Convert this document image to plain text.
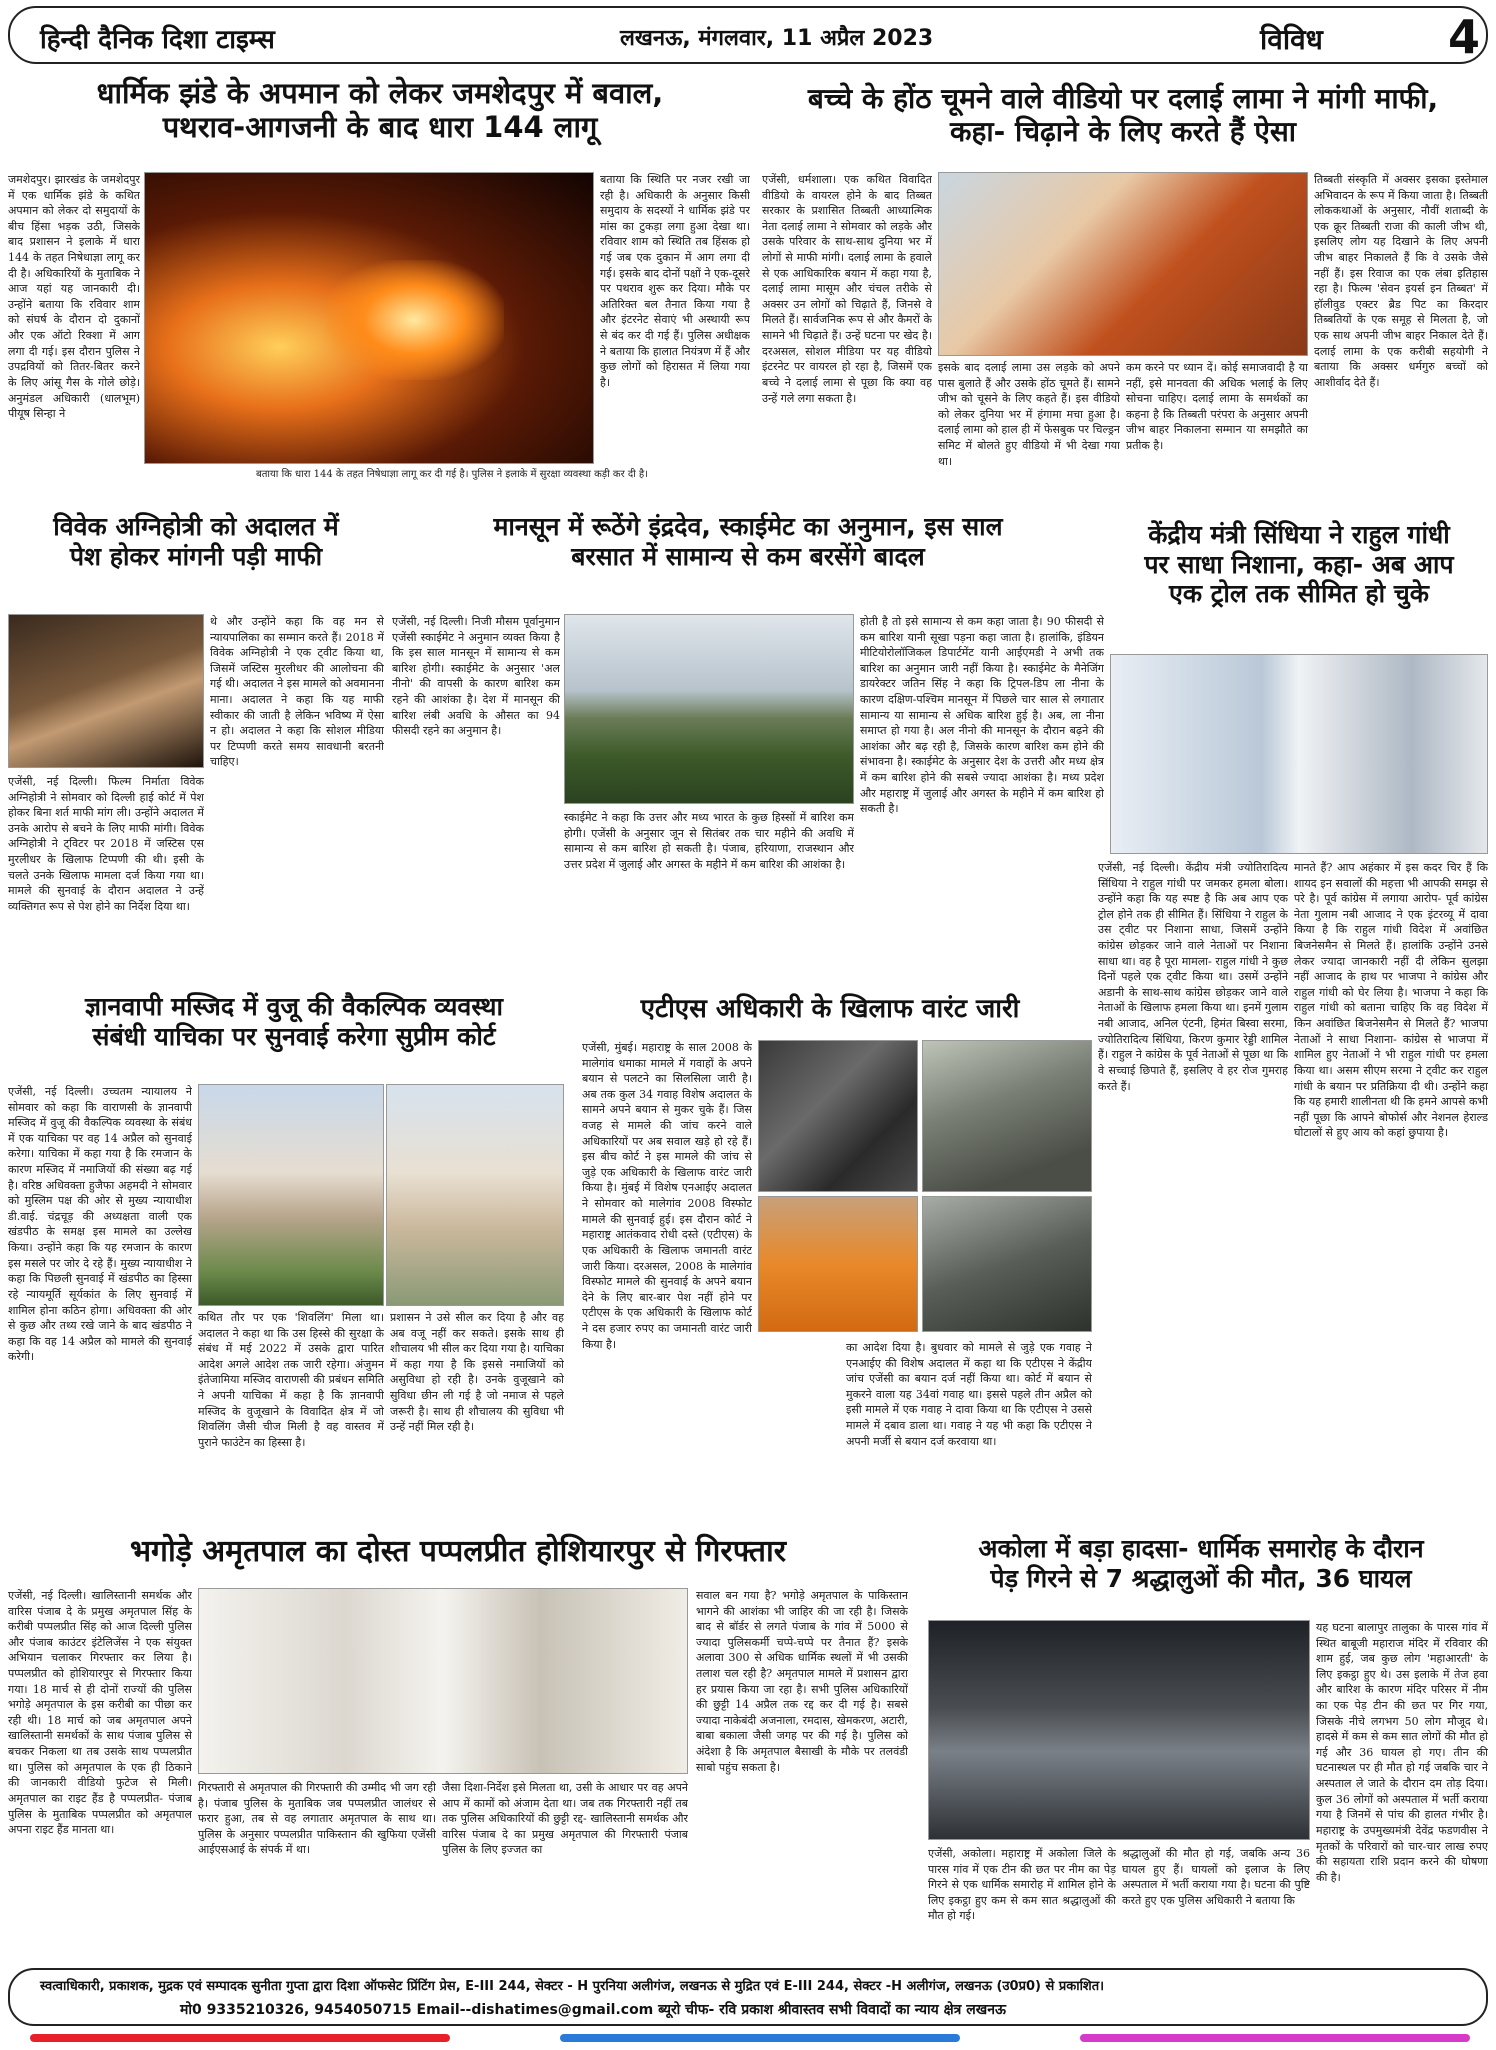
हिन्दी दैनिक दिशा टाइम्स	लखनऊ, मंगलवार, 11 अप्रैल 2023	विविध	4
धार्मिक झंडे के अपमान को लेकर जमशेदपुर में बवाल,
पथराव-आगजनी के बाद धारा 144 लागू
जमशेदपुर। झारखंड के जमशेदपुर में एक धार्मिक झंडे के कथित अपमान को लेकर दो समुदायों के बीच हिंसा भड़क उठी, जिसके बाद प्रशासन ने इलाके में धारा 144 के तहत निषेधाज्ञा लागू कर दी है। अधिकारियों के मुताबिक ने आज यहां यह जानकारी दी। उन्होंने बताया कि रविवार शाम को संघर्ष के दौरान दो दुकानों और एक ऑटो रिक्शा में आग लगा दी गई। इस दौरान पुलिस ने उपद्रवियों को तितर-बितर करने के लिए आंसू गैस के गोले छोड़े। अनुमंडल अधिकारी (धालभूम) पीयूष सिन्हा ने
बताया कि स्थिति पर नजर रखी जा रही है। अधिकारी के अनुसार किसी समुदाय के सदस्यों ने धार्मिक झंडे पर मांस का टुकड़ा लगा हुआ देखा था। रविवार शाम को स्थिति तब हिंसक हो गई जब एक दुकान में आग लगा दी गई। इसके बाद दोनों पक्षों ने एक-दूसरे पर पथराव शुरू कर दिया। मौके पर अतिरिक्त बल तैनात किया गया है और इंटरनेट सेवाएं भी अस्थायी रूप से बंद कर दी गई हैं। पुलिस अधीक्षक ने बताया कि हालात नियंत्रण में हैं और कुछ लोगों को हिरासत में लिया गया है।
बताया कि धारा 144 के तहत निषेधाज्ञा लागू कर दी गई है। पुलिस ने इलाके में सुरक्षा व्यवस्था कड़ी कर दी है।
बच्चे के होंठ चूमने वाले वीडियो पर दलाई लामा ने मांगी माफी,
कहा- चिढ़ाने के लिए करते हैं ऐसा
एजेंसी, धर्मशाला। एक कथित विवादित वीडियो के वायरल होने के बाद तिब्बत सरकार के प्रशासित तिब्बती आध्यात्मिक नेता दलाई लामा ने सोमवार को लड़के और उसके परिवार के साथ-साथ दुनिया भर में लोगों से माफी मांगी। दलाई लामा के हवाले से एक आधिकारिक बयान में कहा गया है, दलाई लामा मासूम और चंचल तरीके से अक्सर उन लोगों को चिढ़ाते हैं, जिनसे वे मिलते हैं। सार्वजनिक रूप से और कैमरों के सामने भी चिढ़ाते हैं। उन्हें घटना पर खेद है। दरअसल, सोशल मीडिया पर यह वीडियो इंटरनेट पर वायरल हो रहा है, जिसमें एक बच्चे ने दलाई लामा से पूछा कि क्या वह उन्हें गले लगा सकता है।
इसके बाद दलाई लामा उस लड़के को अपने पास बुलाते हैं और उसके होंठ चूमते हैं। सामने जीभ को चूसने के लिए कहते हैं। इस वीडियो को लेकर दुनिया भर में हंगामा मचा हुआ है। दलाई लामा को हाल ही में फेसबुक पर चिल्ड्रन समिट में बोलते हुए वीडियो में भी देखा गया था।
कम करने पर ध्यान दें। कोई समाजवादी है या नहीं, इसे मानवता की अधिक भलाई के लिए सोचना चाहिए। दलाई लामा के समर्थकों का कहना है कि तिब्बती परंपरा के अनुसार अपनी जीभ बाहर निकालना सम्मान या समझौते का प्रतीक है।
तिब्बती संस्कृति में अक्सर इसका इस्तेमाल अभिवादन के रूप में किया जाता है। तिब्बती लोककथाओं के अनुसार, नौवीं शताब्दी के एक क्रूर तिब्बती राजा की काली जीभ थी, इसलिए लोग यह दिखाने के लिए अपनी जीभ बाहर निकालते हैं कि वे उसके जैसे नहीं हैं। इस रिवाज का एक लंबा इतिहास रहा है। फिल्म 'सेवन इयर्स इन तिब्बत' में हॉलीवुड एक्टर ब्रैड पिट का किरदार तिब्बतियों के एक समूह से मिलता है, जो एक साथ अपनी जीभ बाहर निकाल देते हैं। दलाई लामा के एक करीबी सहयोगी ने बताया कि अक्सर धर्मगुरु बच्चों को आशीर्वाद देते हैं।
विवेक अग्निहोत्री को अदालत में
पेश होकर मांगनी पड़ी माफी
एजेंसी, नई दिल्ली। फिल्म निर्माता विवेक अग्निहोत्री ने सोमवार को दिल्ली हाई कोर्ट में पेश होकर बिना शर्त माफी मांग ली। उन्होंने अदालत में उनके आरोप से बचने के लिए माफी मांगी। विवेक अग्निहोत्री ने ट्विटर पर 2018 में जस्टिस एस मुरलीधर के खिलाफ टिप्पणी की थी। इसी के चलते उनके खिलाफ मामला दर्ज किया गया था। मामले की सुनवाई के दौरान अदालत ने उन्हें व्यक्तिगत रूप से पेश होने का निर्देश दिया था।
थे और उन्होंने कहा कि वह मन से न्यायपालिका का सम्मान करते हैं। 2018 में विवेक अग्निहोत्री ने एक ट्वीट किया था, जिसमें जस्टिस मुरलीधर की आलोचना की गई थी। अदालत ने इस मामले को अवमानना माना। अदालत ने कहा कि यह माफी स्वीकार की जाती है लेकिन भविष्य में ऐसा न हो। अदालत ने कहा कि सोशल मीडिया पर टिप्पणी करते समय सावधानी बरतनी चाहिए।
मानसून में रूठेंगे इंद्रदेव, स्काईमेट का अनुमान, इस साल
बरसात में सामान्य से कम बरसेंगे बादल
एजेंसी, नई दिल्ली। निजी मौसम पूर्वानुमान एजेंसी स्काईमेट ने अनुमान व्यक्त किया है कि इस साल मानसून में सामान्य से कम बारिश होगी। स्काईमेट के अनुसार 'अल नीनो' की वापसी के कारण बारिश कम रहने की आशंका है। देश में मानसून की बारिश लंबी अवधि के औसत का 94 फीसदी रहने का अनुमान है।
स्काईमेट ने कहा कि उत्तर और मध्य भारत के कुछ हिस्सों में बारिश कम होगी। एजेंसी के अनुसार जून से सितंबर तक चार महीने की अवधि में सामान्य से कम बारिश हो सकती है। पंजाब, हरियाणा, राजस्थान और उत्तर प्रदेश में जुलाई और अगस्त के महीने में कम बारिश की आशंका है।
होती है तो इसे सामान्य से कम कहा जाता है। 90 फीसदी से कम बारिश यानी सूखा पड़ना कहा जाता है। हालांकि, इंडियन मीटियोरोलॉजिकल डिपार्टमेंट यानी आईएमडी ने अभी तक बारिश का अनुमान जारी नहीं किया है। स्काईमेट के मैनेजिंग डायरेक्टर जतिन सिंह ने कहा कि ट्रिपल-डिप ला नीना के कारण दक्षिण-पश्चिम मानसून में पिछले चार साल से लगातार सामान्य या सामान्य से अधिक बारिश हुई है। अब, ला नीना समाप्त हो गया है। अल नीनो की मानसून के दौरान बढ़ने की आशंका और बढ़ रही है, जिसके कारण बारिश कम होने की संभावना है। स्काईमेट के अनुसार देश के उत्तरी और मध्य क्षेत्र में कम बारिश होने की सबसे ज्यादा आशंका है। मध्य प्रदेश और महाराष्ट्र में जुलाई और अगस्त के महीने में कम बारिश हो सकती है।
केंद्रीय मंत्री सिंधिया ने राहुल गांधी
पर साधा निशाना, कहा- अब आप
एक ट्रोल तक सीमित हो चुके
एजेंसी, नई दिल्ली। केंद्रीय मंत्री ज्योतिरादित्य सिंधिया ने राहुल गांधी पर जमकर हमला बोला। उन्होंने कहा कि यह स्पष्ट है कि अब आप एक ट्रोल होने तक ही सीमित हैं। सिंधिया ने राहुल के उस ट्वीट पर निशाना साधा, जिसमें उन्होंने कांग्रेस छोड़कर जाने वाले नेताओं पर निशाना साधा था। वह है पूरा मामला- राहुल गांधी ने कुछ दिनों पहले एक ट्वीट किया था। उसमें उन्होंने अडानी के साथ-साथ कांग्रेस छोड़कर जाने वाले नेताओं के खिलाफ हमला किया था। इनमें गुलाम नबी आजाद, अनिल एंटनी, हिमंत बिस्वा सरमा, ज्योतिरादित्य सिंधिया, किरण कुमार रेड्डी शामिल हैं। राहुल ने कांग्रेस के पूर्व नेताओं से पूछा था कि वे सच्चाई छिपाते हैं, इसलिए वे हर रोज गुमराह करते हैं।
मानते हैं? आप अहंकार में इस कदर चिर हैं कि शायद इन सवालों की महत्ता भी आपकी समझ से परे है। पूर्व कांग्रेस में लगाया आरोप- पूर्व कांग्रेस नेता गुलाम नबी आजाद ने एक इंटरव्यू में दावा किया है कि राहुल गांधी विदेश में अवांछित बिजनेसमैन से मिलते हैं। हालांकि उन्होंने उनसे लेकर ज्यादा जानकारी नहीं दी लेकिन सुलझा नहीं आजाद के हाथ पर भाजपा ने कांग्रेस और राहुल गांधी को घेर लिया है। भाजपा ने कहा कि राहुल गांधी को बताना चाहिए कि वह विदेश में किन अवांछित बिजनेसमैन से मिलते हैं? भाजपा नेताओं ने साधा निशाना- कांग्रेस से भाजपा में शामिल हुए नेताओं ने भी राहुल गांधी पर हमला किया था। असम सीएम सरमा ने ट्वीट कर राहुल गांधी के बयान पर प्रतिक्रिया दी थी। उन्होंने कहा कि यह हमारी शालीनता थी कि हमने आपसे कभी नहीं पूछा कि आपने बोफोर्स और नेशनल हेराल्ड घोटालों से हुए आय को कहां छुपाया है।
ज्ञानवापी मस्जिद में वुजू की वैकल्पिक व्यवस्था
संबंधी याचिका पर सुनवाई करेगा सुप्रीम कोर्ट
एजेंसी, नई दिल्ली। उच्चतम न्यायालय ने सोमवार को कहा कि वाराणसी के ज्ञानवापी मस्जिद में वुजू की वैकल्पिक व्यवस्था के संबंध में एक याचिका पर वह 14 अप्रैल को सुनवाई करेगा। याचिका में कहा गया है कि रमजान के कारण मस्जिद में नमाजियों की संख्या बढ़ गई है। वरिष्ठ अधिवक्ता हुजैफा अहमदी ने सोमवार को मुस्लिम पक्ष की ओर से मुख्य न्यायाधीश डी.वाई. चंद्रचूड़ की अध्यक्षता वाली एक खंडपीठ के समक्ष इस मामले का उल्लेख किया। उन्होंने कहा कि यह रमजान के कारण इस मसले पर जोर दे रहे हैं। मुख्य न्यायाधीश ने कहा कि पिछली सुनवाई में खंडपीठ का हिस्सा रहे न्यायमूर्ति सूर्यकांत के लिए सुनवाई में शामिल होना कठिन होगा। अधिवक्ता की ओर से कुछ और तथ्य रखे जाने के बाद खंडपीठ ने कहा कि वह 14 अप्रैल को मामले की सुनवाई करेगी।
कथित तौर पर एक 'शिवलिंग' मिला था। अदालत ने कहा था कि उस हिस्से की सुरक्षा के संबंध में मई 2022 में उसके द्वारा पारित आदेश अगले आदेश तक जारी रहेगा। अंजुमन इंतेजामिया मस्जिद वाराणसी की प्रबंधन समिति ने अपनी याचिका में कहा है कि ज्ञानवापी मस्जिद के वुजूखाने के विवादित क्षेत्र में जो शिवलिंग जैसी चीज मिली है वह वास्तव में पुराने फाउंटेन का हिस्सा है।
प्रशासन ने उसे सील कर दिया है और वह अब वजू नहीं कर सकते। इसके साथ ही शौचालय भी सील कर दिया गया है। याचिका में कहा गया है कि इससे नमाजियों को असुविधा हो रही है। उनके वुजूखाने को सुविधा छीन ली गई है जो नमाज से पहले जरूरी है। साथ ही शौचालय की सुविधा भी उन्हें नहीं मिल रही है।
एटीएस अधिकारी के खिलाफ वारंट जारी
एजेंसी, मुंबई। महाराष्ट्र के साल 2008 के मालेगांव धमाका मामले में गवाहों के अपने बयान से पलटने का सिलसिला जारी है। अब तक कुल 34 गवाह विशेष अदालत के सामने अपने बयान से मुकर चुके हैं। जिस वजह से मामले की जांच करने वाले अधिकारियों पर अब सवाल खड़े हो रहे हैं। इस बीच कोर्ट ने इस मामले की जांच से जुड़े एक अधिकारी के खिलाफ वारंट जारी किया है। मुंबई में विशेष एनआईए अदालत ने सोमवार को मालेगांव 2008 विस्फोट मामले की सुनवाई हुई। इस दौरान कोर्ट ने महाराष्ट्र आतंकवाद रोधी दस्ते (एटीएस) के एक अधिकारी के खिलाफ जमानती वारंट जारी किया। दरअसल, 2008 के मालेगांव विस्फोट मामले की सुनवाई के अपने बयान देने के लिए बार-बार पेश नहीं होने पर एटीएस के एक अधिकारी के खिलाफ कोर्ट ने दस हजार रुपए का जमानती वारंट जारी किया है।	का आदेश दिया है। बुधवार को मामले से जुड़े एक गवाह ने एनआईए की विशेष अदालत में कहा था कि एटीएस ने केंद्रीय जांच एजेंसी का बयान दर्ज नहीं किया था। कोर्ट में बयान से मुकरने वाला यह 34वां गवाह था। इससे पहले तीन अप्रैल को इसी मामले में एक गवाह ने दावा किया था कि एटीएस ने उससे मामले में दबाव डाला था। गवाह ने यह भी कहा कि एटीएस ने अपनी मर्जी से बयान दर्ज करवाया था।
भगोड़े अमृतपाल का दोस्त पप्पलप्रीत होशियारपुर से गिरफ्तार
एजेंसी, नई दिल्ली। खालिस्तानी समर्थक और वारिस पंजाब दे के प्रमुख अमृतपाल सिंह के करीबी पप्पलप्रीत सिंह को आज दिल्ली पुलिस और पंजाब काउंटर इंटेलिजेंस ने एक संयुक्त अभियान चलाकर गिरफ्तार कर लिया है। पप्पलप्रीत को होशियारपुर से गिरफ्तार किया गया। 18 मार्च से ही दोनों राज्यों की पुलिस भगोड़े अमृतपाल के इस करीबी का पीछा कर रही थी। 18 मार्च को जब अमृतपाल अपने खालिस्तानी समर्थकों के साथ पंजाब पुलिस से बचकर निकला था तब उसके साथ पप्पलप्रीत था। पुलिस को अमृतपाल के एक ही ठिकाने की जानकारी वीडियो फुटेज से मिली। अमृतपाल का राइट हैंड है पप्पलप्रीत- पंजाब पुलिस के मुताबिक पप्पलप्रीत को अमृतपाल अपना राइट हैंड मानता था।
गिरफ्तारी से अमृतपाल की गिरफ्तारी की उम्मीद भी जग रही है। पंजाब पुलिस के मुताबिक जब पप्पलप्रीत जालंधर से फरार हुआ, तब से वह लगातार अमृतपाल के साथ था। पुलिस के अनुसार पप्पलप्रीत पाकिस्तान की खुफिया एजेंसी आईएसआई के संपर्क में था।
जैसा दिशा-निर्देश इसे मिलता था, उसी के आधार पर वह अपने आप में कामों को अंजाम देता था। जब तक गिरफ्तारी नहीं तब तक पुलिस अधिकारियों की छुट्टी रद्द- खालिस्तानी समर्थक और वारिस पंजाब दे का प्रमुख अमृतपाल की गिरफ्तारी पंजाब पुलिस के लिए इज्जत का
सवाल बन गया है? भगोड़े अमृतपाल के पाकिस्तान भागने की आशंका भी जाहिर की जा रही है। जिसके बाद से बॉर्डर से लगते पंजाब के गांव में 5000 से ज्यादा पुलिसकर्मी चप्पे-चप्पे पर तैनात हैं? इसके अलावा 300 से अधिक धार्मिक स्थलों में भी उसकी तलाश चल रही है? अमृतपाल मामले में प्रशासन द्वारा हर प्रयास किया जा रहा है। सभी पुलिस अधिकारियों की छुट्टी 14 अप्रैल तक रद्द कर दी गई है। सबसे ज्यादा नाकेबंदी अजनाला, रमदास, खेमकरण, अटारी, बाबा बकाला जैसी जगह पर की गई है। पुलिस को अंदेशा है कि अमृतपाल बैसाखी के मौके पर तलवंडी साबो पहुंच सकता है।
अकोला में बड़ा हादसा- धार्मिक समारोह के दौरान
पेड़ गिरने से 7 श्रद्धालुओं की मौत, 36 घायल
एजेंसी, अकोला। महाराष्ट्र में अकोला जिले के पारस गांव में एक टीन की छत पर नीम का पेड़ गिरने से एक धार्मिक समारोह में शामिल होने के लिए इकट्ठा हुए कम से कम सात श्रद्धालुओं की मौत हो गई।
श्रद्धालुओं की मौत हो गई, जबकि अन्य 36 घायल हुए हैं। घायलों को इलाज के लिए अस्पताल में भर्ती कराया गया है। घटना की पुष्टि करते हुए एक पुलिस अधिकारी ने बताया कि
यह घटना बालापुर तालुका के पारस गांव में स्थित बाबूजी महाराज मंदिर में रविवार की शाम हुई, जब कुछ लोग 'महाआरती' के लिए इकट्ठा हुए थे। उस इलाके में तेज हवा और बारिश के कारण मंदिर परिसर में नीम का एक पेड़ टीन की छत पर गिर गया, जिसके नीचे लगभग 50 लोग मौजूद थे। हादसे में कम से कम सात लोगों की मौत हो गई और 36 घायल हो गए। तीन की घटनास्थल पर ही मौत हो गई जबकि चार ने अस्पताल ले जाते के दौरान दम तोड़ दिया। कुल 36 लोगों को अस्पताल में भर्ती कराया गया है जिनमें से पांच की हालत गंभीर है। महाराष्ट्र के उपमुख्यमंत्री देवेंद्र फडणवीस ने मृतकों के परिवारों को चार-चार लाख रुपए की सहायता राशि प्रदान करने की घोषणा की है।
स्वत्वाधिकारी, प्रकाशक, मुद्रक एवं सम्पादक सुनीता गुप्ता द्वारा दिशा ऑफसेट प्रिंटिंग प्रेस, E-III 244, सेक्टर - H पुरनिया अलीगंज, लखनऊ से मुद्रित एवं E-III 244, सेक्टर -H अलीगंज, लखनऊ (उ0प्र0) से प्रकाशित।
मो0 9335210326, 9454050715 Email--dishatimes@gmail.com ब्यूरो चीफ- रवि प्रकाश श्रीवास्तव सभी विवादों का न्याय क्षेत्र लखनऊ
